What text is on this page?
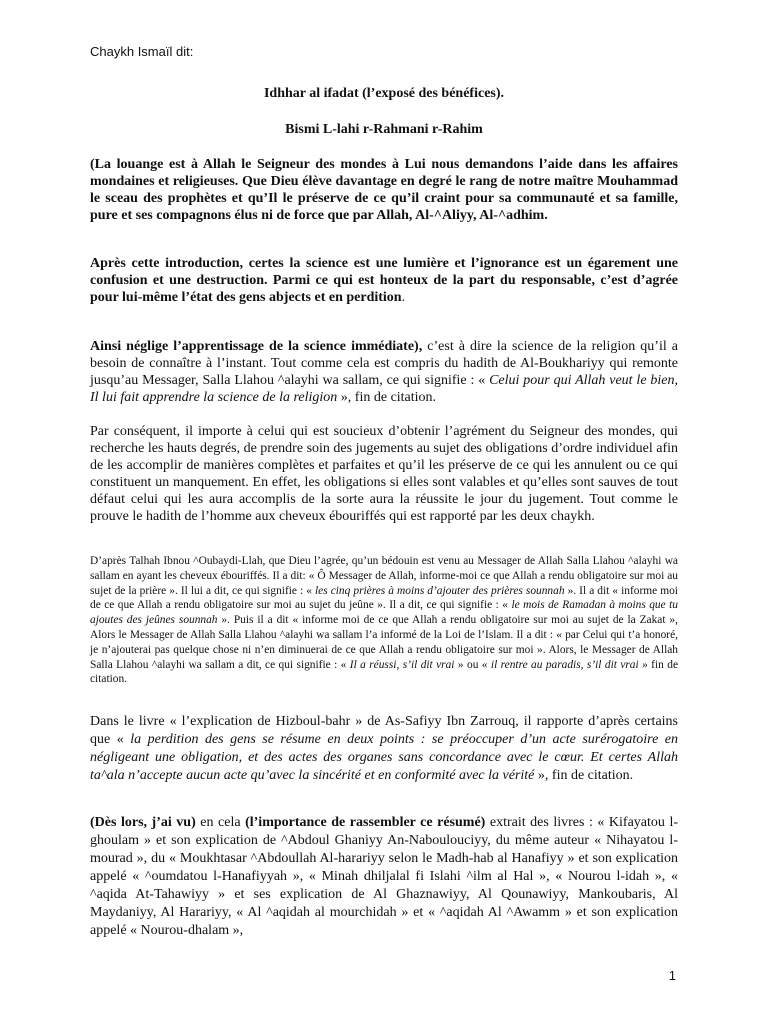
Chaykh Ismaïl dit:
Idhhar al ifadat (l’exposé des bénéfices).
Bismi L-lahi r-Rahmani r-Rahim

(La louange est à Allah le Seigneur des mondes à Lui nous demandons l’aide dans les affaires mondaines et religieuses. Que Dieu élève davantage en degré le rang de notre maître Mouhammad le sceau des prophètes et qu’Il le préserve de ce qu’il craint pour sa communauté et sa famille, pure et ses compagnons élus ni de force que par Allah, Al-^Aliyy, Al-^adhim.

Après cette introduction, certes la science est une lumière et l’ignorance est un égarement une confusion et une destruction. Parmi ce qui est honteux de la part du responsable, c’est d’agrée pour lui-même l’état des gens abjects et en perdition.

Ainsi néglige l’apprentissage de la science immédiate), c’est à dire la science de la religion qu’il a besoin de connaître à l’instant. Tout comme cela est compris du hadith de Al-Boukhariyy qui remonte jusqu’au Messager, Salla Llahou ^alayhi wa sallam, ce qui signifie : « Celui pour qui Allah veut le bien, Il lui fait apprendre la science de la religion », fin de citation.

Par conséquent, il importe à celui qui est soucieux d’obtenir l’agrément du Seigneur des mondes, qui recherche les hauts degrés, de prendre soin des jugements au sujet des obligations d’ordre individuel afin de les accomplir de manières complètes et parfaites et qu’il les préserve de ce qui les annulent ou ce qui constituent un manquement. En effet, les obligations si elles sont valables et qu’elles sont sauves de tout défaut celui qui les aura accomplis de la sorte aura la réussite le jour du jugement. Tout comme le prouve le hadith de l’homme aux cheveux ébouriffés qui est rapporté par les deux chaykh.

D’après Talhah Ibnou ^Oubaydi-Llah, que Dieu l’agrée, qu’un bédouin est venu au Messager de Allah Salla Llahou ^alayhi wa sallam en ayant les cheveux ébouriffés. Il a dit: « Ô Messager de Allah, informe-moi ce que Allah a rendu obligatoire sur moi au sujet de la prière ». Il lui a dit, ce qui signifie : « les cinq prières à moins d’ajouter des prières sounnah ». Il a dit « informe moi de ce que Allah a rendu obligatoire sur moi au sujet du jeûne ». Il a dit, ce qui signifie : « le mois de Ramadan à moins que tu ajoutes des jeûnes sounnah ». Puis il a dit « informe moi de ce que Allah a rendu obligatoire sur moi au sujet de la Zakat », Alors le Messager de Allah Salla Llahou ^alayhi wa sallam l’a informé de la Loi de l’Islam. Il a dit : « par Celui qui t’a honoré, je n’ajouterai pas quelque chose ni n’en diminuerai de ce que Allah a rendu obligatoire sur moi ». Alors, le Messager de Allah Salla Llahou ^alayhi wa sallam a dit, ce qui signifie : « Il a réussi, s’il dit vrai » ou « il rentre au paradis, s’il dit vrai » fin de citation.

Dans le livre « l’explication de Hizboul-bahr » de As-Safiyy Ibn Zarrouq, il rapporte d’après certains que « la perdition des gens se résume en deux points : se préoccuper d’un acte surérogatoire en négligeant une obligation, et des actes des organes sans concordance avec le cœur. Et certes Allah ta^ala n’accepte aucun acte qu’avec la sincérité et en conformité avec la vérité », fin de citation.

(Dès lors, j’ai vu) en cela (l’importance de rassembler ce résumé) extrait des livres : « Kifayatou l-ghoulam » et son explication de ^Abdoul Ghaniyy An-Naboulouciyy, du même auteur « Nihayatou l-mourad », du « Moukhtasar ^Abdoullah Al-harariyy selon le Madh-hab al Hanafiyy » et son explication appelé « ^oumdatou l-Hanafiyyah », « Minah dhiljalal fi Islahi ^ilm al Hal », « Nourou l-idah », « ^aqida At-Tahawiyy » et ses explication de Al Ghaznawiyy, Al Qounawiyy, Mankoubaris, Al Maydaniyy, Al Harariyy, « Al ^aqidah al mourchidah » et « ^aqidah Al ^Awamm » et son explication appelé « Nourou-dhalam »,

1
